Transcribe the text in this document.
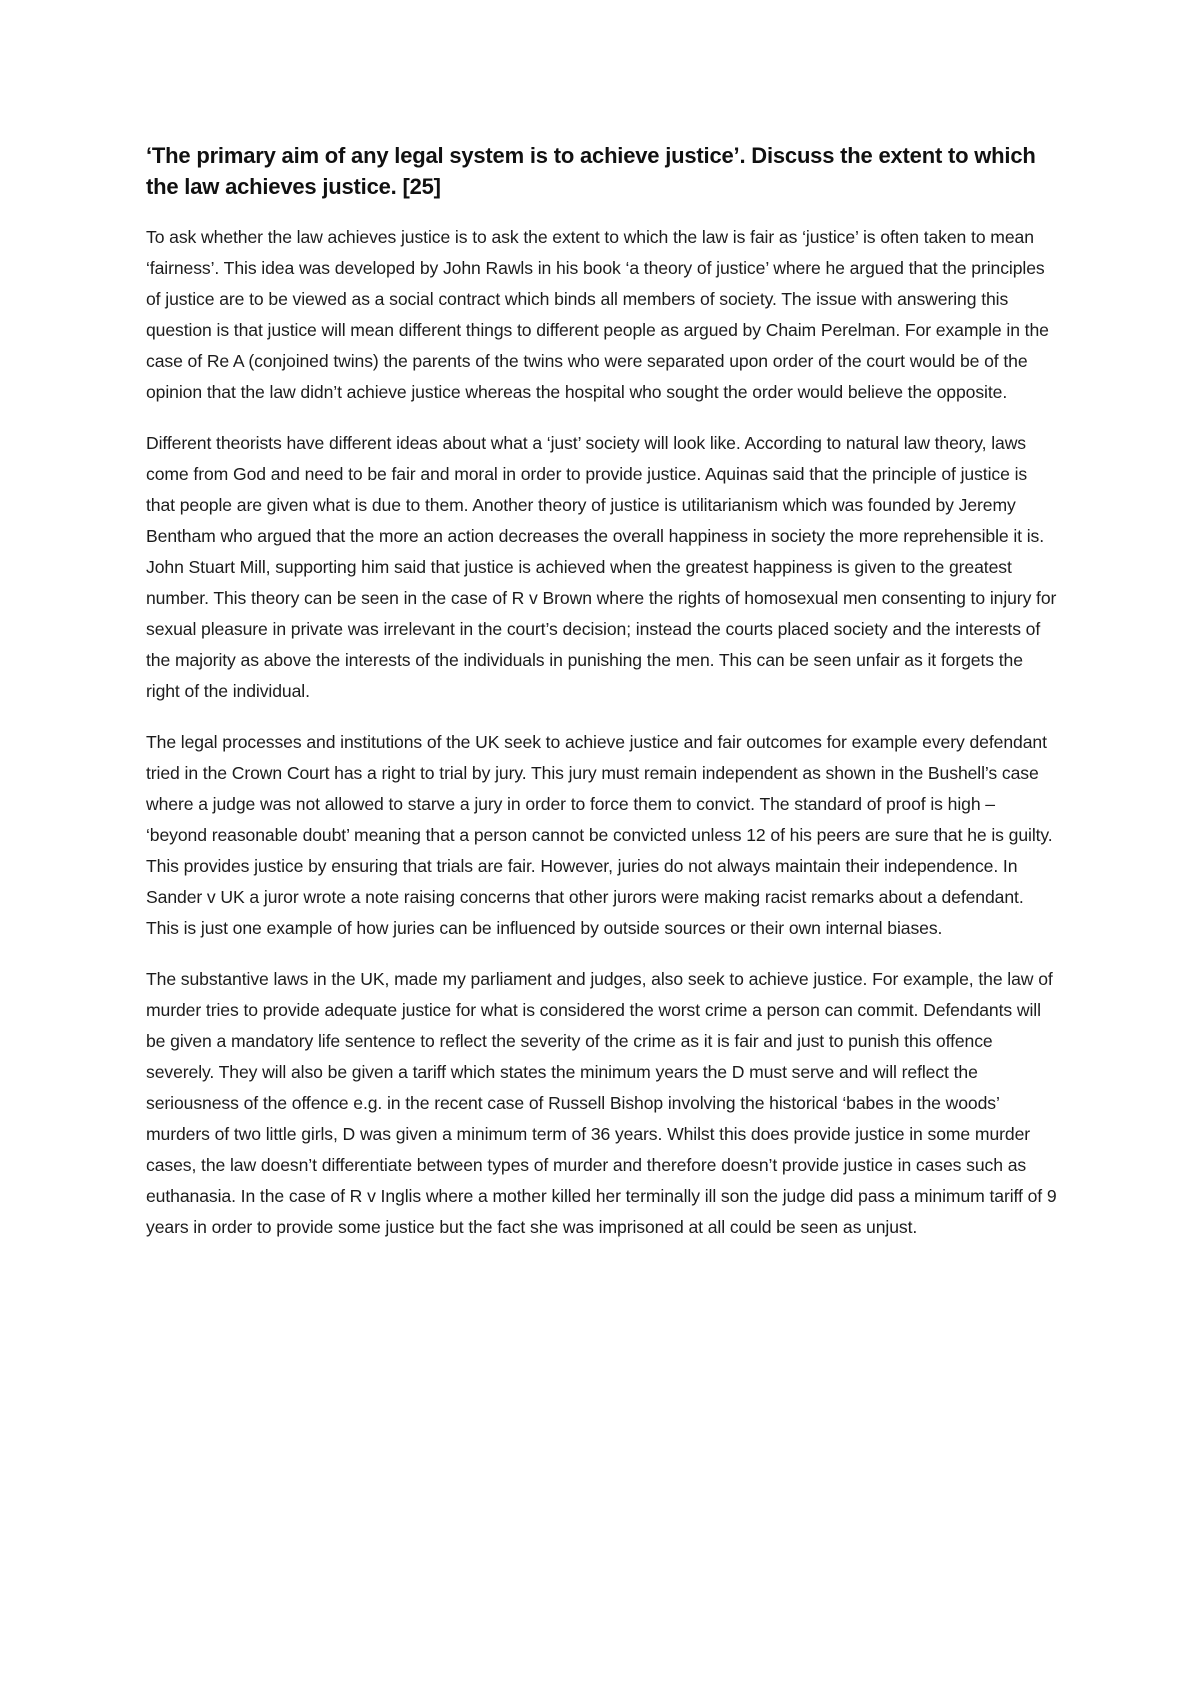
‘The primary aim of any legal system is to achieve justice’. Discuss the extent to which the law achieves justice. [25]

To ask whether the law achieves justice is to ask the extent to which the law is fair as ‘justice’ is often taken to mean ‘fairness’. This idea was developed by John Rawls in his book ‘a theory of justice’ where he argued that the principles of justice are to be viewed as a social contract which binds all members of society. The issue with answering this question is that justice will mean different things to different people as argued by Chaim Perelman. For example in the case of Re A (conjoined twins) the parents of the twins who were separated upon order of the court would be of the opinion that the law didn’t achieve justice whereas the hospital who sought the order would believe the opposite.

Different theorists have different ideas about what a ‘just’ society will look like. According to natural law theory, laws come from God and need to be fair and moral in order to provide justice. Aquinas said that the principle of justice is that people are given what is due to them. Another theory of justice is utilitarianism which was founded by Jeremy Bentham who argued that the more an action decreases the overall happiness in society the more reprehensible it is. John Stuart Mill, supporting him said that justice is achieved when the greatest happiness is given to the greatest number. This theory can be seen in the case of R v Brown where the rights of homosexual men consenting to injury for sexual pleasure in private was irrelevant in the court’s decision; instead the courts placed society and the interests of the majority as above the interests of the individuals in punishing the men. This can be seen unfair as it forgets the right of the individual.

The legal processes and institutions of the UK seek to achieve justice and fair outcomes for example every defendant tried in the Crown Court has a right to trial by jury. This jury must remain independent as shown in the Bushell’s case where a judge was not allowed to starve a jury in order to force them to convict. The standard of proof is high – ‘beyond reasonable doubt’ meaning that a person cannot be convicted unless 12 of his peers are sure that he is guilty. This provides justice by ensuring that trials are fair. However, juries do not always maintain their independence. In Sander v UK a juror wrote a note raising concerns that other jurors were making racist remarks about a defendant. This is just one example of how juries can be influenced by outside sources or their own internal biases.

The substantive laws in the UK, made my parliament and judges, also seek to achieve justice. For example, the law of murder tries to provide adequate justice for what is considered the worst crime a person can commit. Defendants will be given a mandatory life sentence to reflect the severity of the crime as it is fair and just to punish this offence severely. They will also be given a tariff which states the minimum years the D must serve and will reflect the seriousness of the offence e.g. in the recent case of Russell Bishop involving the historical ‘babes in the woods’ murders of two little girls, D was given a minimum term of 36 years. Whilst this does provide justice in some murder cases, the law doesn’t differentiate between types of murder and therefore doesn’t provide justice in cases such as euthanasia. In the case of R v Inglis where a mother killed her terminally ill son the judge did pass a minimum tariff of 9 years in order to provide some justice but the fact she was imprisoned at all could be seen as unjust.
